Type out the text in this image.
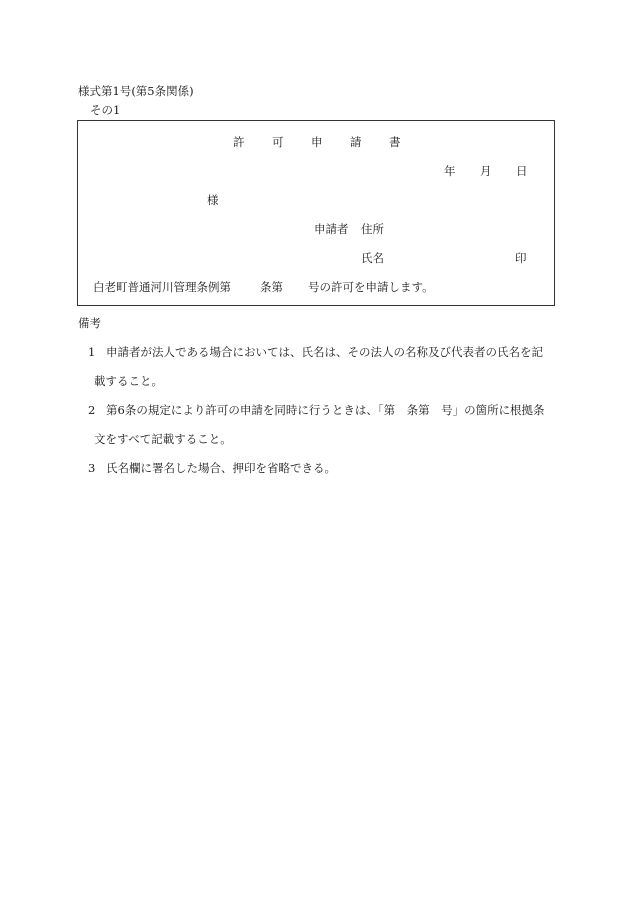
様式第1号(第5条関係)
その1
許	可	申	請	書
年 月 日
様
申請者 住所
氏名	印
白老町普通河川管理条例第	条第 号の許可を申請します。
備考
1 申請者が法人である場合においては、氏名は、その法人の名称及び代表者の氏名を記
載すること。
2 第6条の規定により許可の申請を同時に行うときは、「第　条第　号」の箇所に根拠条
文をすべて記載すること。
3 氏名欄に署名した場合、押印を省略できる。
